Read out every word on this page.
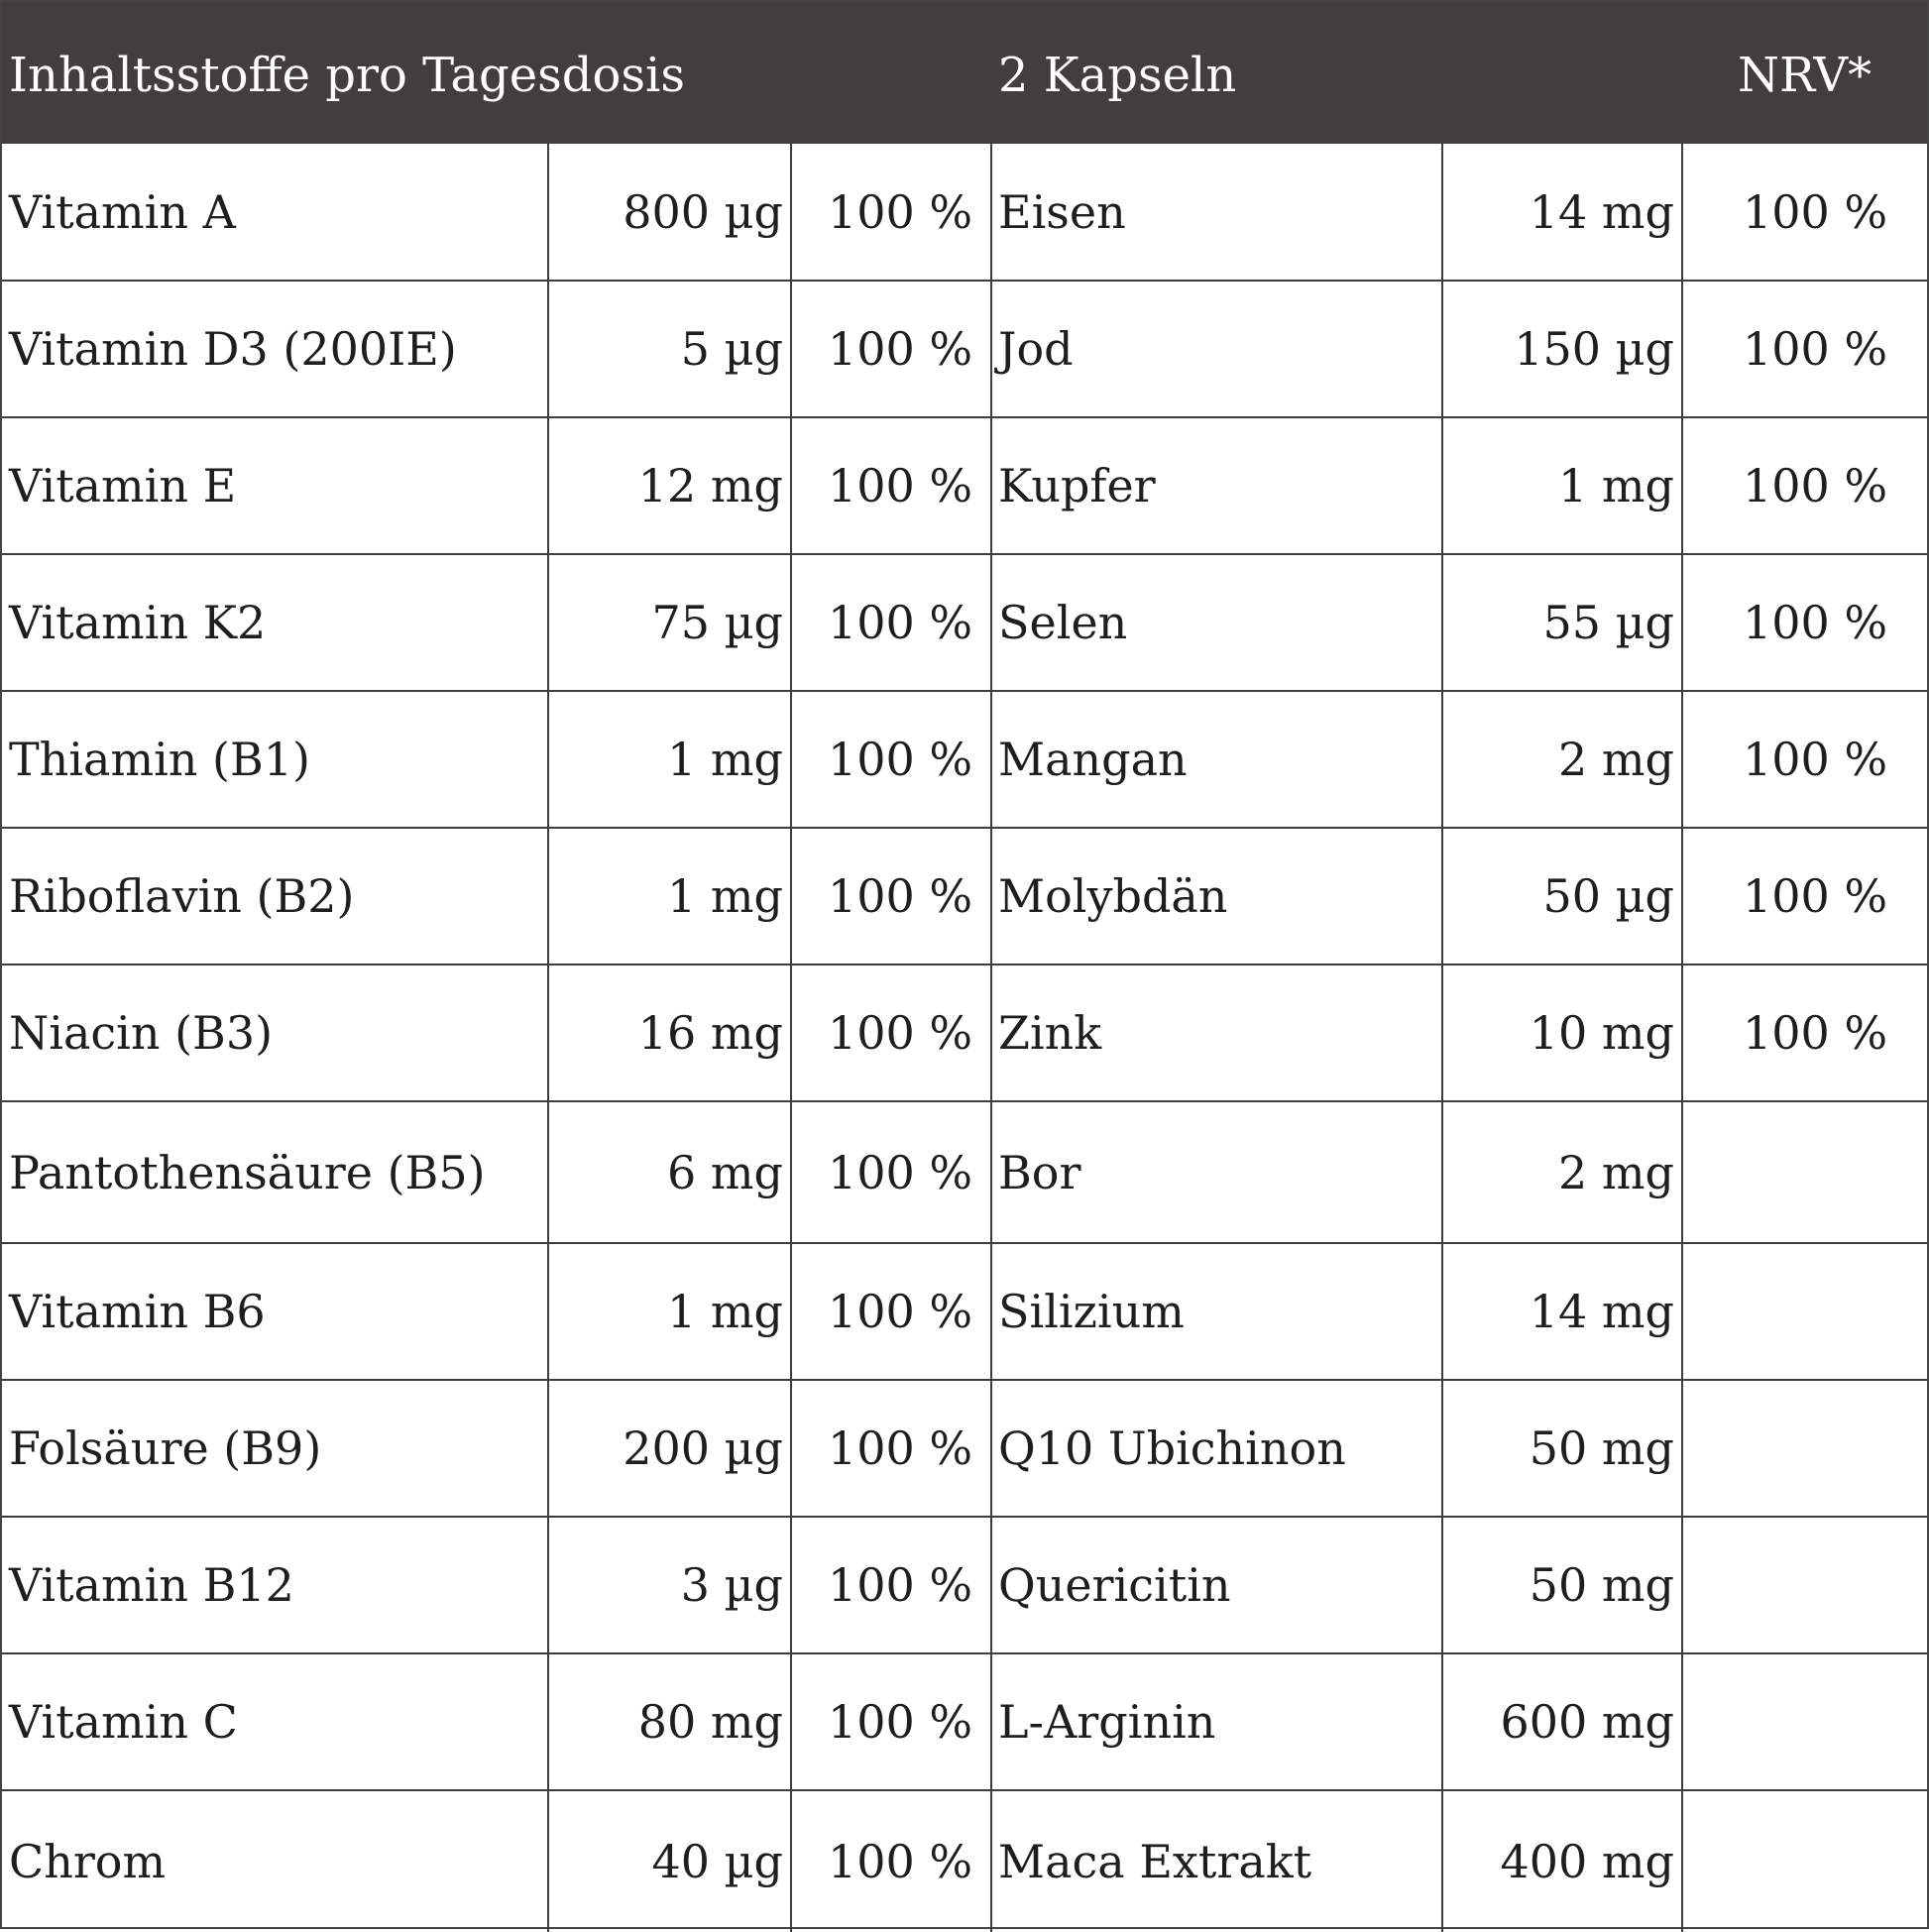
Inhaltsstoffe pro Tagesdosis	2 Kapseln	NRV*
Vitamin A	800 µg	100 %	Eisen	14 mg	100 %
Vitamin D3 (200IE)	5 µg	100 %	Jod	150 µg	100 %
Vitamin E	12 mg	100 %	Kupfer	1 mg	100 %
Vitamin K2	75 µg	100 %	Selen	55 µg	100 %
Thiamin (B1)	1 mg	100 %	Mangan	2 mg	100 %
Riboflavin (B2)	1 mg	100 %	Molybdän	50 µg	100 %
Niacin (B3)	16 mg	100 %	Zink	10 mg	100 %
Pantothensäure (B5)	6 mg	100 %	Bor	2 mg	
Vitamin B6	1 mg	100 %	Silizium	14 mg	
Folsäure (B9)	200 µg	100 %	Q10 Ubichinon	50 mg	
Vitamin B12	3 µg	100 %	Quericitin	50 mg	
Vitamin C	80 mg	100 %	L-Arginin	600 mg	
Chrom	40 µg	100 %	Maca Extrakt	400 mg	
